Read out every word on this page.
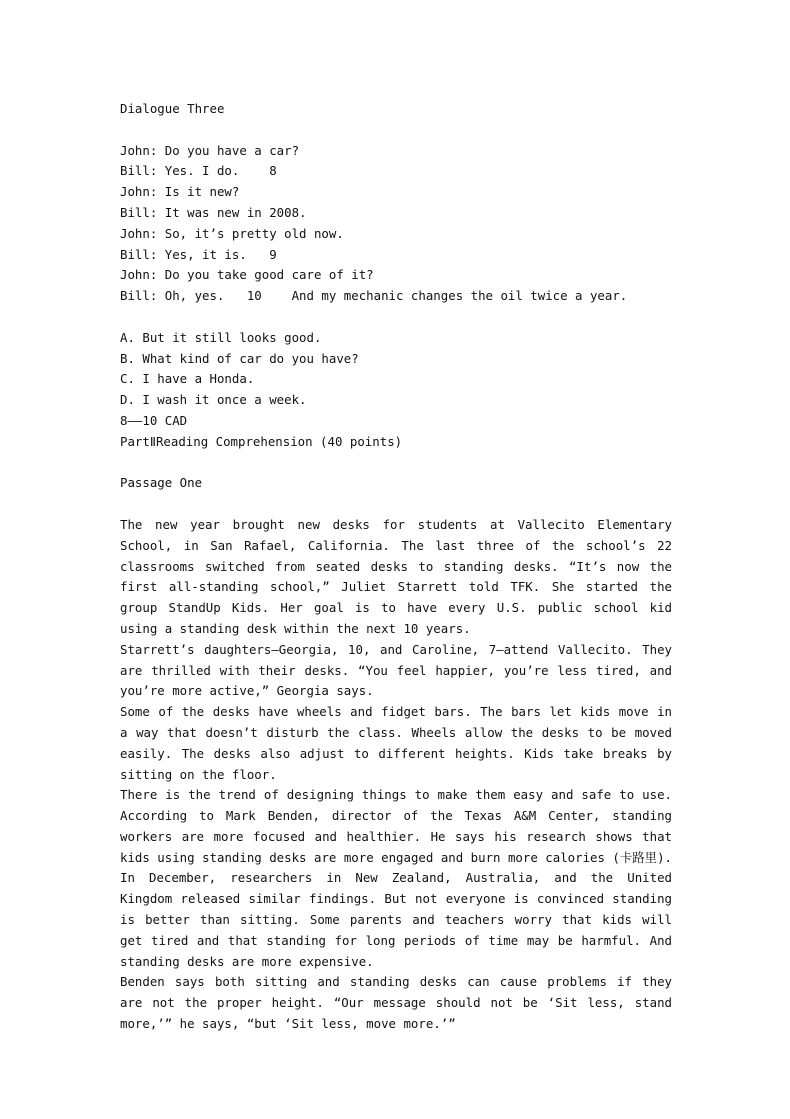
Dialogue Three
John: Do you have a car?
Bill: Yes. I do.    8
John: Is it new?
Bill: It was new in 2008.
John: So, it’s pretty old now.
Bill: Yes, it is.   9
John: Do you take good care of it?
Bill: Oh, yes.   10    And my mechanic changes the oil twice a year.
A. But it still looks good.
B. What kind of car do you have?
C. I have a Honda.
D. I wash it once a week.
8——10 CAD
PartⅡReading Comprehension (40 points)
Passage One

The new year brought new desks for students at Vallecito Elementary School, in San Rafael, California. The last three of the school’s 22 classrooms switched from seated desks to standing desks. “It’s now the first all-standing school,” Juliet Starrett told TFK. She started the group StandUp Kids. Her goal is to have every U.S. public school kid using a standing desk within the next 10 years.

Starrett’s daughters—Georgia, 10, and Caroline, 7—attend Vallecito. They are thrilled with their desks. “You feel happier, you’re less tired, and you’re more active,” Georgia says.

Some of the desks have wheels and fidget bars. The bars let kids move in a way that doesn’t disturb the class. Wheels allow the desks to be moved easily. The desks also adjust to different heights. Kids take breaks by sitting on the floor.

There is the trend of designing things to make them easy and safe to use. According to Mark Benden, director of the Texas A&M Center, standing workers are more focused and healthier. He says his research shows that kids using standing desks are more engaged and burn more calories (卡路里). In December, researchers in New Zealand, Australia, and the United Kingdom released similar findings. But not everyone is convinced standing is better than sitting. Some parents and teachers worry that kids will get tired and that standing for long periods of time may be harmful. And standing desks are more expensive.

Benden says both sitting and standing desks can cause problems if they are not the proper height. “Our message should not be ‘Sit less, stand more,’” he says, “but ‘Sit less, move more.’”
